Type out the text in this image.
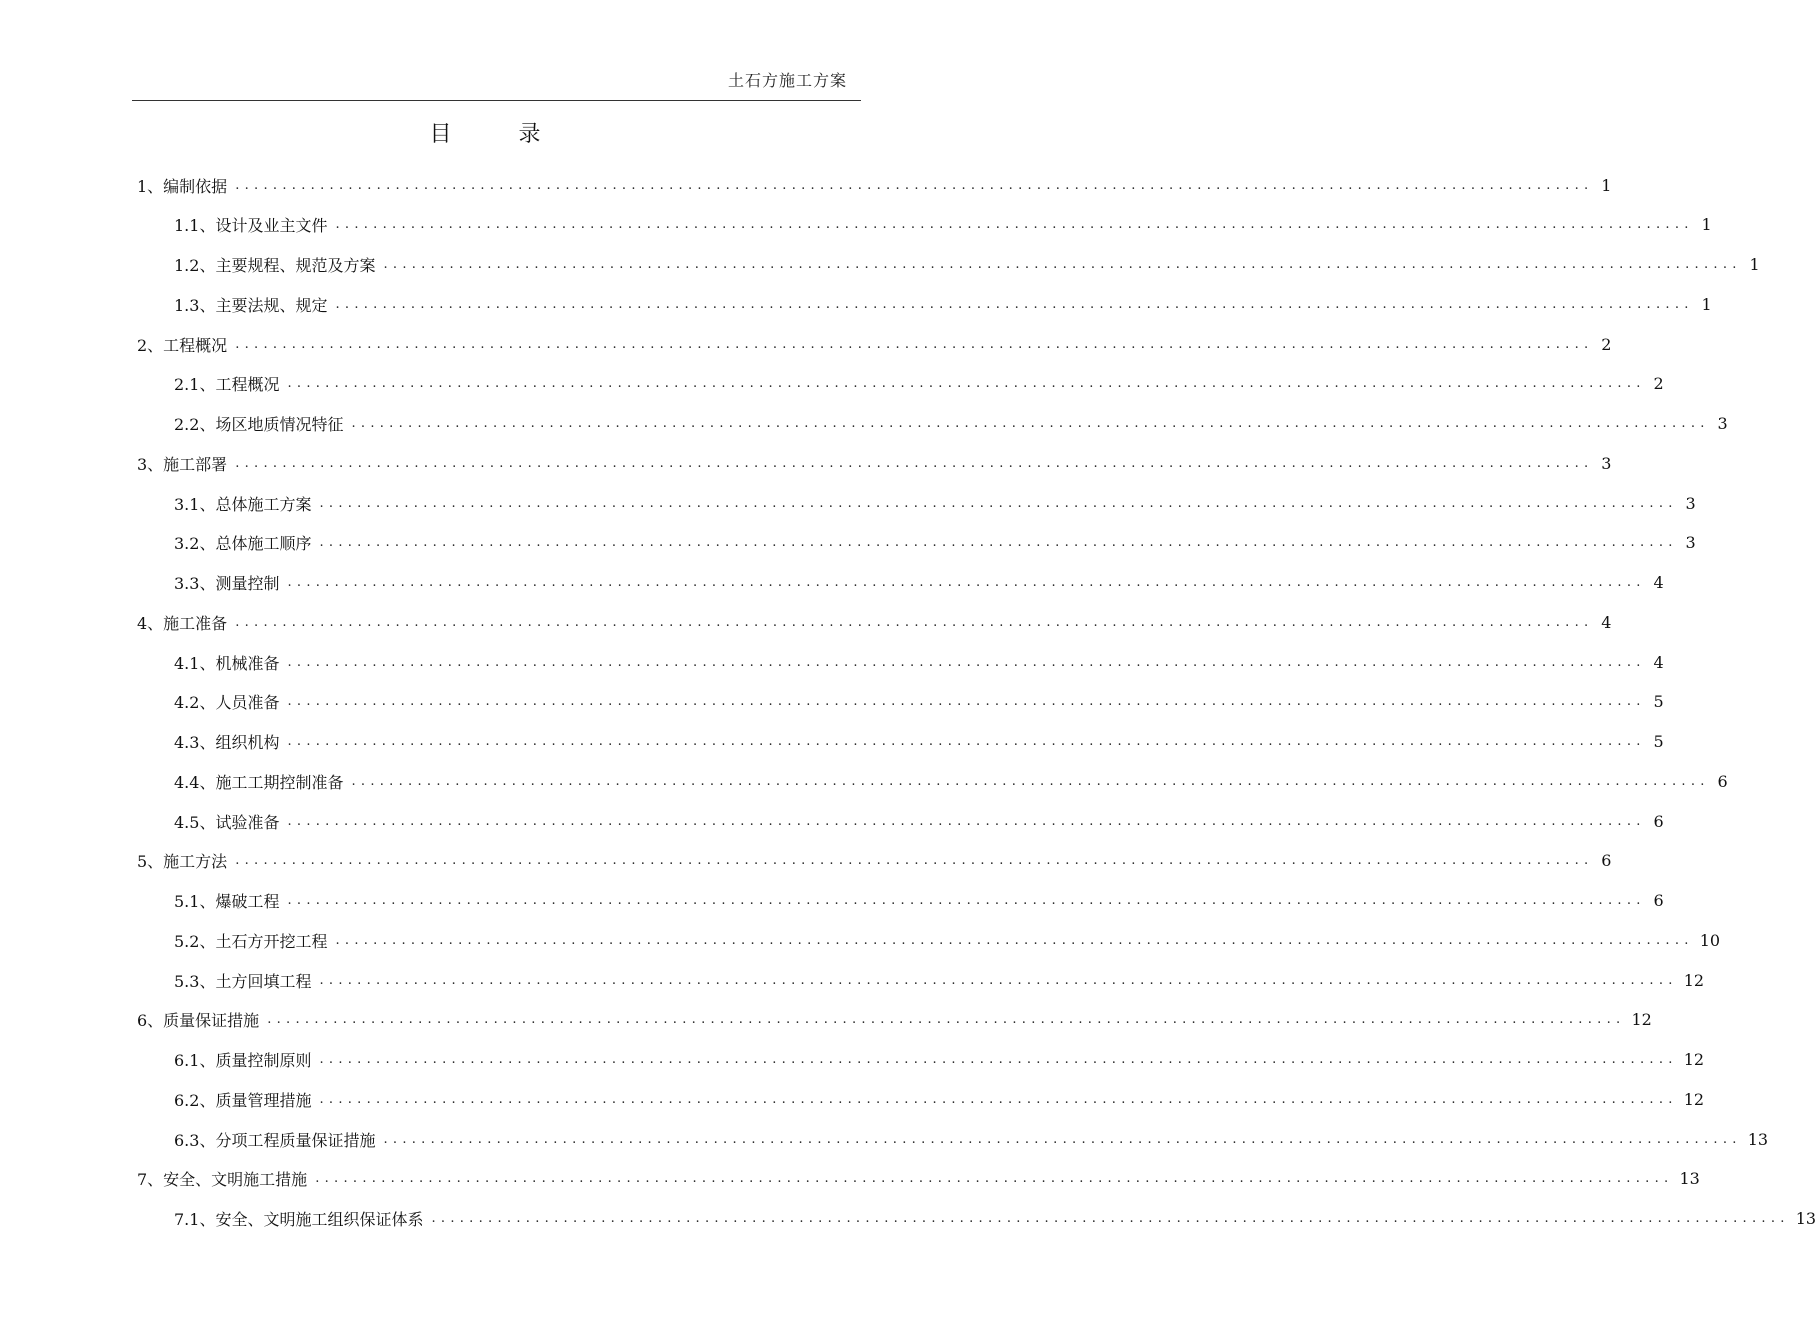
土石方施工方案
目 录
1、编制依据 ................................................................................................................................................ 1
1.1、设计及业主文件 ................................................................................................................................................ 1
1.2、主要规程、规范及方案 ................................................................................................................................................ 1
1.3、主要法规、规定 ................................................................................................................................................ 1
2、工程概况 ................................................................................................................................................ 2
2.1、工程概况 ................................................................................................................................................ 2
2.2、场区地质情况特征 ................................................................................................................................................ 3
3、施工部署 ................................................................................................................................................ 3
3.1、总体施工方案 ................................................................................................................................................ 3
3.2、总体施工顺序 ................................................................................................................................................ 3
3.3、测量控制 ................................................................................................................................................ 4
4、施工准备 ................................................................................................................................................ 4
4.1、机械准备 ................................................................................................................................................ 4
4.2、人员准备 ................................................................................................................................................ 5
4.3、组织机构 ................................................................................................................................................ 5
4.4、施工工期控制准备 ................................................................................................................................................ 6
4.5、试验准备 ................................................................................................................................................ 6
5、施工方法 ................................................................................................................................................ 6
5.1、爆破工程 ................................................................................................................................................ 6
5.2、土石方开挖工程 ................................................................................................................................................ 10
5.3、土方回填工程 ................................................................................................................................................ 12
6、质量保证措施 ................................................................................................................................................ 12
6.1、质量控制原则 ................................................................................................................................................ 12
6.2、质量管理措施 ................................................................................................................................................ 12
6.3、分项工程质量保证措施 ................................................................................................................................................ 13
7、安全、文明施工措施 ................................................................................................................................................ 13
7.1、安全、文明施工组织保证体系 ................................................................................................................................................ 13
